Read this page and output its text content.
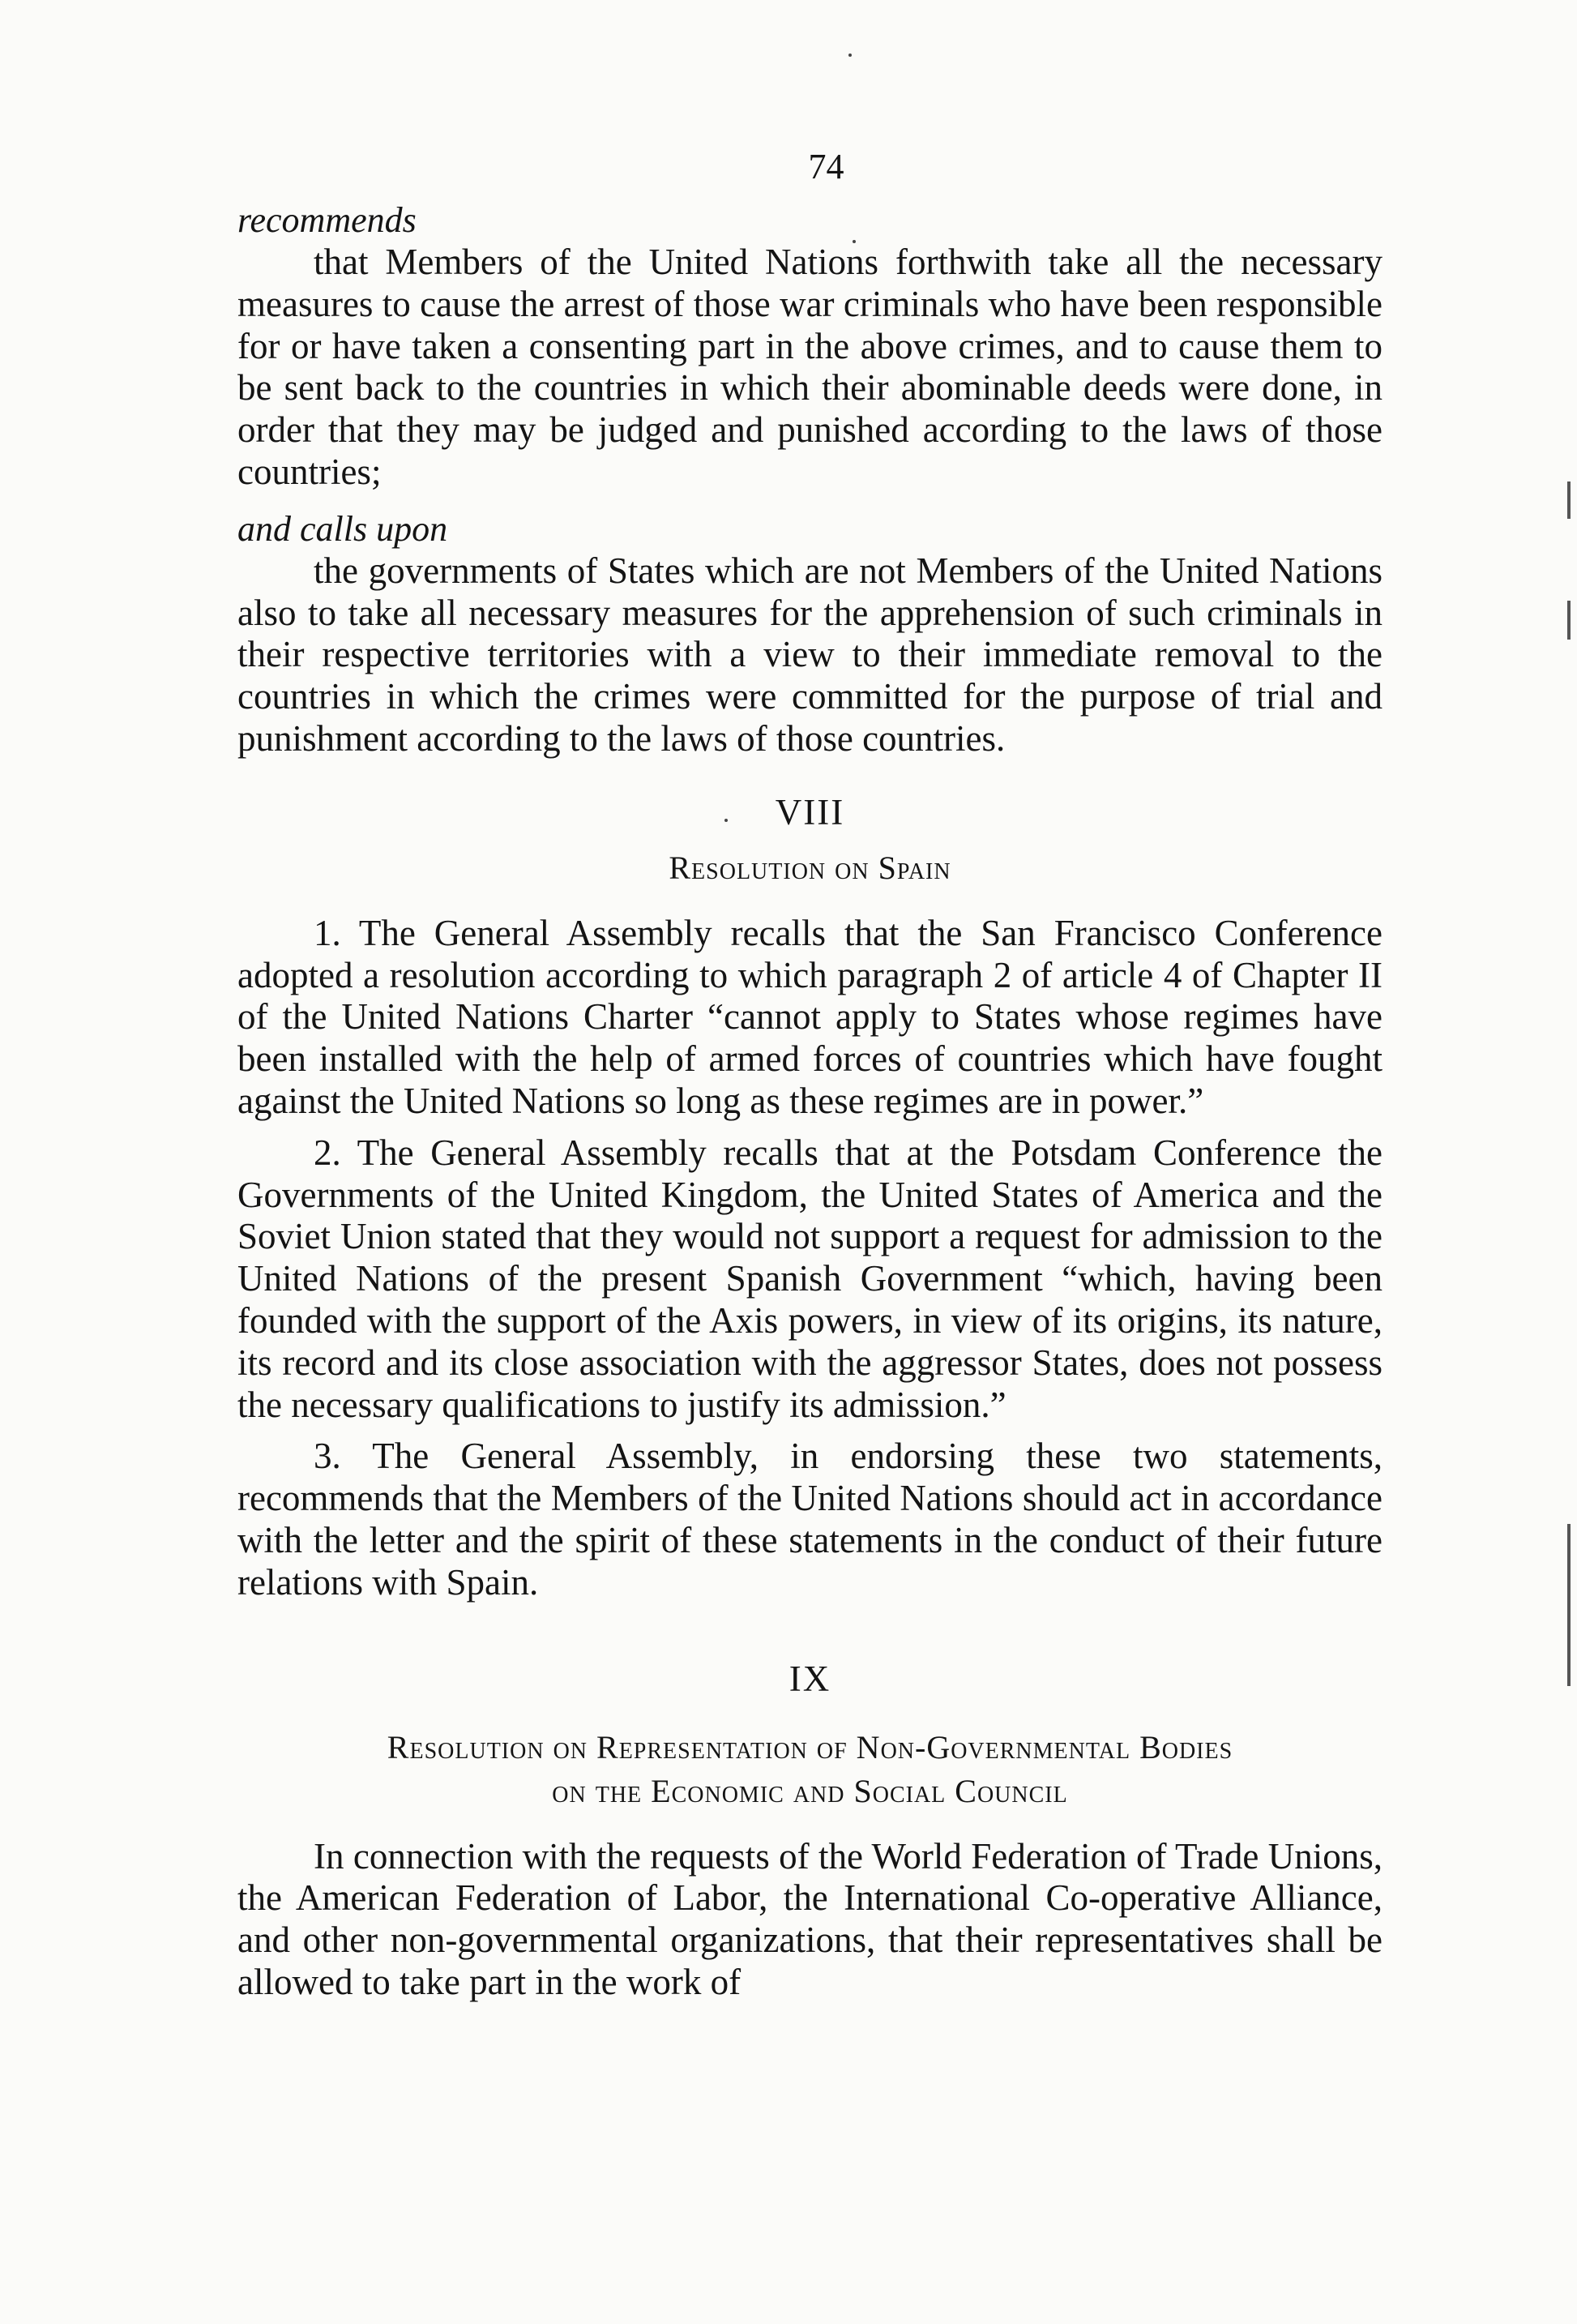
74

recommends

that Members of the United Nations forthwith take all the necessary measures to cause the arrest of those war criminals who have been responsible for or have taken a consenting part in the above crimes, and to cause them to be sent back to the countries in which their abominable deeds were done, in order that they may be judged and punished according to the laws of those countries;

and calls upon

the governments of States which are not Members of the United Nations also to take all necessary measures for the apprehension of such criminals in their respective territories with a view to their immediate removal to the countries in which the crimes were committed for the purpose of trial and punishment according to the laws of those countries.

VIII
Resolution on Spain

1. The General Assembly recalls that the San Francisco Conference adopted a resolution according to which paragraph 2 of article 4 of Chapter II of the United Nations Charter “cannot apply to States whose regimes have been installed with the help of armed forces of countries which have fought against the United Nations so long as these regimes are in power.”

2. The General Assembly recalls that at the Potsdam Conference the Governments of the United Kingdom, the United States of America and the Soviet Union stated that they would not support a request for admission to the United Nations of the present Spanish Government “which, having been founded with the support of the Axis powers, in view of its origins, its nature, its record and its close association with the aggressor States, does not possess the necessary qualifications to justify its admission.”

3. The General Assembly, in endorsing these two statements, recommends that the Members of the United Nations should act in accordance with the letter and the spirit of these statements in the conduct of their future relations with Spain.

IX
Resolution on Representation of Non-Governmental Bodies
on the Economic and Social Council

In connection with the requests of the World Federation of Trade Unions, the American Federation of Labor, the International Co-operative Alliance, and other non-governmental organizations, that their representatives shall be allowed to take part in the work of
